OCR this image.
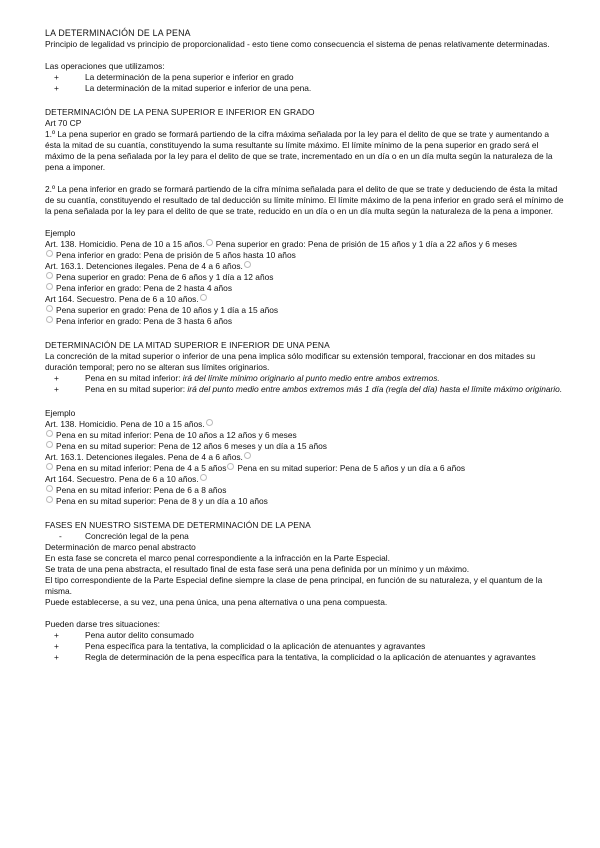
LA DETERMINACIÓN DE LA PENA

Principio de legalidad vs principio de proporcionalidad - esto tiene como consecuencia el sistema de penas relativamente determinadas.

Las operaciones que utilizamos:

+	La determinación de la pena superior e inferior en grado

+	La determinación de la mitad superior e inferior de una pena.

DETERMINACIÓN DE LA PENA SUPERIOR E INFERIOR EN GRADO

Art 70 CP

1.º La pena superior en grado se formará partiendo de la cifra máxima señalada por la ley para el delito de que se trate y aumentando a ésta la mitad de su cuantía, constituyendo la suma resultante su límite máximo. El límite mínimo de la pena superior en grado será el máximo de la pena señalada por la ley para el delito de que se trate, incrementado en un día o en un día multa según la naturaleza de la pena a imponer.

2.º La pena inferior en grado se formará partiendo de la cifra mínima señalada para el delito de que se trate y deduciendo de ésta la mitad de su cuantía, constituyendo el resultado de tal deducción su límite mínimo. El límite máximo de la pena inferior en grado será el mínimo de la pena señalada por la ley para el delito de que se trate, reducido en un día o en un día multa según la naturaleza de la pena a imponer.

Ejemplo

Art. 138. Homicidio. Pena de 10 a 15 años. Pena superior en grado: Pena de prisión de 15 años y 1 día a 22 años y 6 meses

Pena inferior en grado: Pena de prisión de 5 años hasta 10 años

Art. 163.1. Detenciones ilegales. Pena de 4 a 6 años.

Pena superior en grado: Pena de 6 años y 1 día a 12 años

Pena inferior en grado: Pena de 2 hasta 4 años

Art 164. Secuestro. Pena de 6 a 10 años.

Pena superior en grado: Pena de 10 años y 1 día a 15 años

Pena inferior en grado: Pena de 3 hasta 6 años

DETERMINACIÓN DE LA MITAD SUPERIOR E INFERIOR DE UNA PENA

La concreción de la mitad superior o inferior de una pena implica sólo modificar su extensión temporal, fraccionar en dos mitades su duración temporal; pero no se alteran sus límites originarios.

+	Pena en su mitad inferior: irá del límite mínimo originario al punto medio entre ambos extremos.

+	Pena en su mitad superior: irá del punto medio entre ambos extremos más 1 día (regla del día) hasta el límite máximo originario.

Ejemplo

Art. 138. Homicidio. Pena de 10 a 15 años.

Pena en su mitad inferior: Pena de 10 años a 12 años y 6 meses

Pena en su mitad superior: Pena de 12 años 6 meses y un día a 15 años

Art. 163.1. Detenciones ilegales. Pena de 4 a 6 años.

Pena en su mitad inferior: Pena de 4 a 5 años Pena en su mitad superior: Pena de 5 años y un día a 6 años

Art 164. Secuestro. Pena de 6 a 10 años.

Pena en su mitad inferior: Pena de 6 a 8 años

Pena en su mitad superior: Pena de 8 y un día a 10 años

FASES EN NUESTRO SISTEMA DE DETERMINACIÓN DE LA PENA

-	Concreción legal de la pena

Determinación de marco penal abstracto

En esta fase se concreta el marco penal correspondiente a la infracción en la Parte Especial.

Se trata de una pena abstracta, el resultado final de esta fase será una pena definida por un mínimo y un máximo.

El tipo correspondiente de la Parte Especial define siempre la clase de pena principal, en función de su naturaleza, y el quantum de la misma.

Puede establecerse, a su vez, una pena única, una pena alternativa o una pena compuesta.

Pueden darse tres situaciones:

+	Pena autor delito consumado

+	Pena específica para la tentativa, la complicidad o la aplicación de atenuantes y agravantes

+	Regla de determinación de la pena específica para la tentativa, la complicidad o la aplicación de atenuantes y agravantes
